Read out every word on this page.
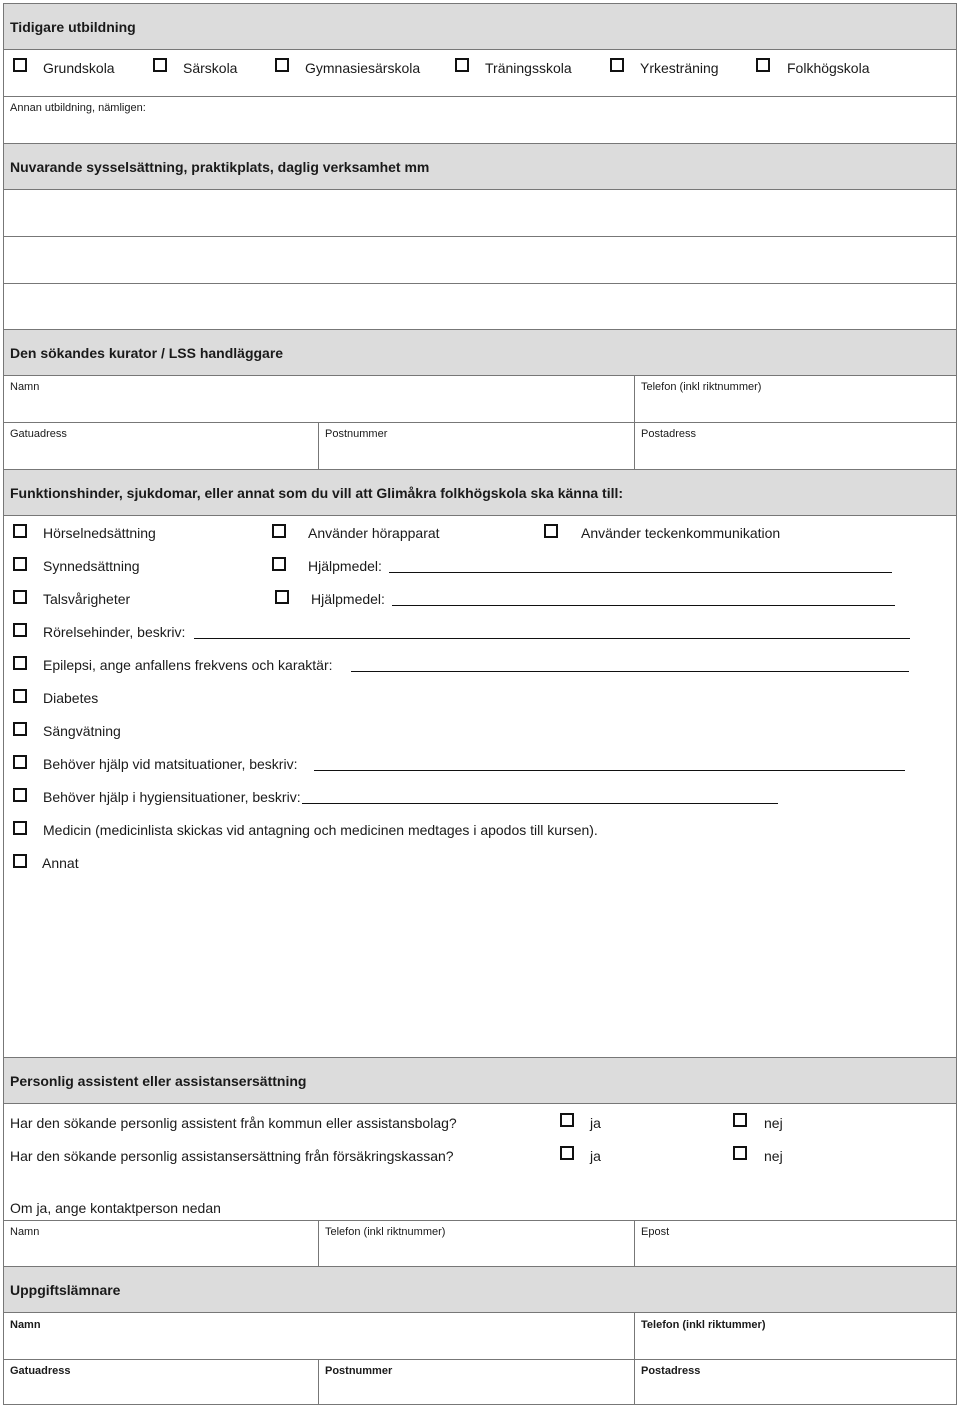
Tidigare utbildning
Grundskola	Särskola	Gymnasiesärskola	Träningsskola	Yrkesträning	Folkhögskola
Annan utbildning, nämligen:
Nuvarande sysselsättning, praktikplats, daglig verksamhet mm
Den sökandes kurator / LSS handläggare
Namn	Telefon (inkl riktnummer)
Gatuadress	Postnummer	Postadress
Funktionshinder, sjukdomar, eller annat som du vill att Glimåkra folkhögskola ska känna till:
Hörselnedsättning	Använder hörapparat	Använder teckenkommunikation
Synnedsättning	Hjälpmedel:
Talsvårigheter	Hjälpmedel:
Rörelsehinder, beskriv:
Epilepsi, ange anfallens frekvens och karaktär:
Diabetes
Sängvätning
Behöver hjälp vid matsituationer, beskriv:
Behöver hjälp i hygiensituationer, beskriv:
Medicin (medicinlista skickas vid antagning och medicinen medtages i apodos till kursen).
Annat
Personlig assistent eller assistansersättning
Har den sökande personlig assistent från kommun eller assistansbolag?	ja	nej
Har den sökande personlig assistansersättning från försäkringskassan?	ja	nej
Om ja, ange kontaktperson nedan
Namn	Telefon (inkl riktnummer)	Epost
Uppgiftslämnare
Namn	Telefon (inkl riktummer)
Gatuadress	Postnummer	Postadress
